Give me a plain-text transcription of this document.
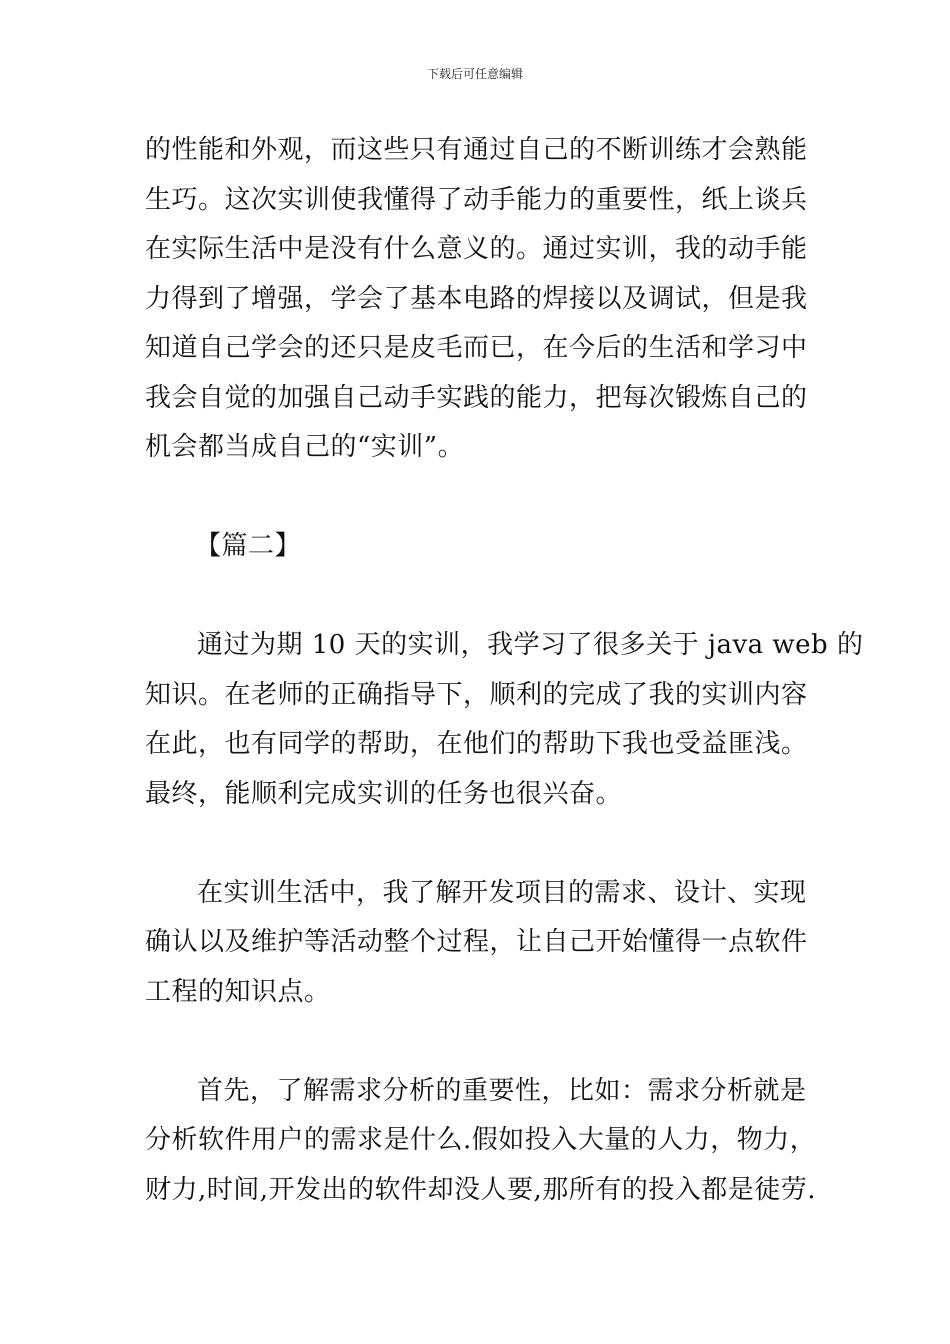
下载后可任意编辑
的性能和外观，而这些只有通过自己的不断训练才会熟能
生巧。这次实训使我懂得了动手能力的重要性，纸上谈兵
在实际生活中是没有什么意义的。通过实训，我的动手能
力得到了增强，学会了基本电路的焊接以及调试，但是我
知道自己学会的还只是皮毛而已，在今后的生活和学习中
我会自觉的加强自己动手实践的能力，把每次锻炼自己的
机会都当成自己的“实训”。
【篇二】
通过为期 10 天的实训，我学习了很多关于 java web 的
知识。在老师的正确指导下，顺利的完成了我的实训内容
在此，也有同学的帮助，在他们的帮助下我也受益匪浅。
最终，能顺利完成实训的任务也很兴奋。
在实训生活中，我了解开发项目的需求、设计、实现
确认以及维护等活动整个过程，让自己开始懂得一点软件
工程的知识点。
首先，了解需求分析的重要性，比如：需求分析就是
分析软件用户的需求是什么.假如投入大量的人力，物力，
财力,时间,开发出的软件却没人要,那所有的投入都是徒劳.
